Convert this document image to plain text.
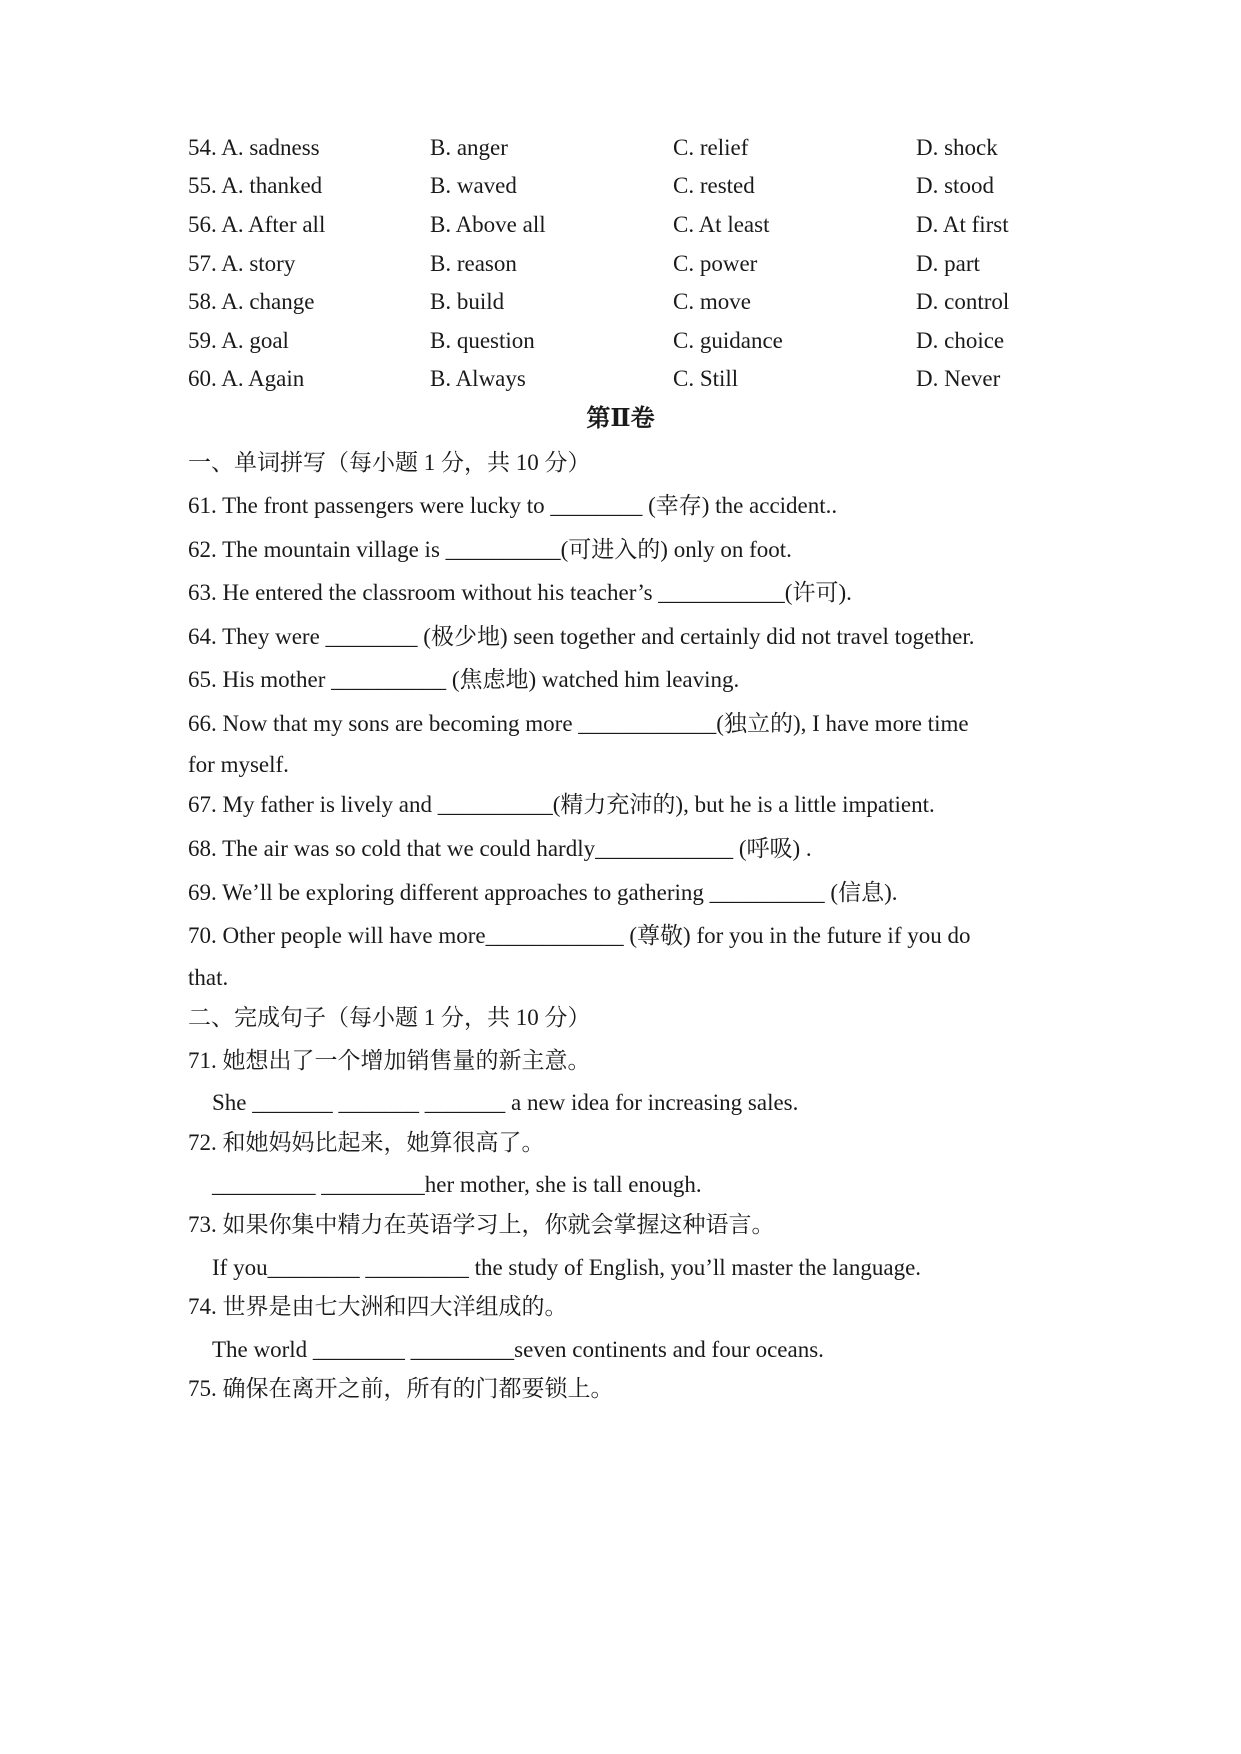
54. A. sadness	B. anger	C. relief	D. shock
55. A. thanked	B. waved	C. rested	D. stood
56. A. After all	B. Above all	C. At least	D. At first
57. A. story	B. reason	C. power	D. part
58. A. change	B. build	C. move	D. control
59. A. goal	B. question	C. guidance	D. choice
60. A. Again	B. Always	C. Still	D. Never
第Ⅱ卷
一、单词拼写（每小题 1 分，共 10 分）
61. The front passengers were lucky to ________ (幸存) the accident..
62. The mountain village is __________(可进入的) only on foot.
63. He entered the classroom without his teacher’s ___________(许可).
64. They were ________ (极少地) seen together and certainly did not travel together.
65. His mother __________ (焦虑地) watched him leaving.
66. Now that my sons are becoming more ____________(独立的), I have more time
for myself.
67. My father is lively and __________(精力充沛的), but he is a little impatient.
68. The air was so cold that we could hardly____________ (呼吸) .
69. We’ll be exploring different approaches to gathering __________ (信息).
70. Other people will have more____________ (尊敬) for you in the future if you do
that.
二、完成句子（每小题 1 分，共 10 分）
71. 她想出了一个增加销售量的新主意。
She _______ _______ _______ a new idea for increasing sales.
72. 和她妈妈比起来，她算很高了。
_________ _________her mother, she is tall enough.
73. 如果你集中精力在英语学习上，你就会掌握这种语言。
If you________ _________ the study of English, you’ll master the language.
74. 世界是由七大洲和四大洋组成的。
The world ________ _________seven continents and four oceans.
75. 确保在离开之前，所有的门都要锁上。
